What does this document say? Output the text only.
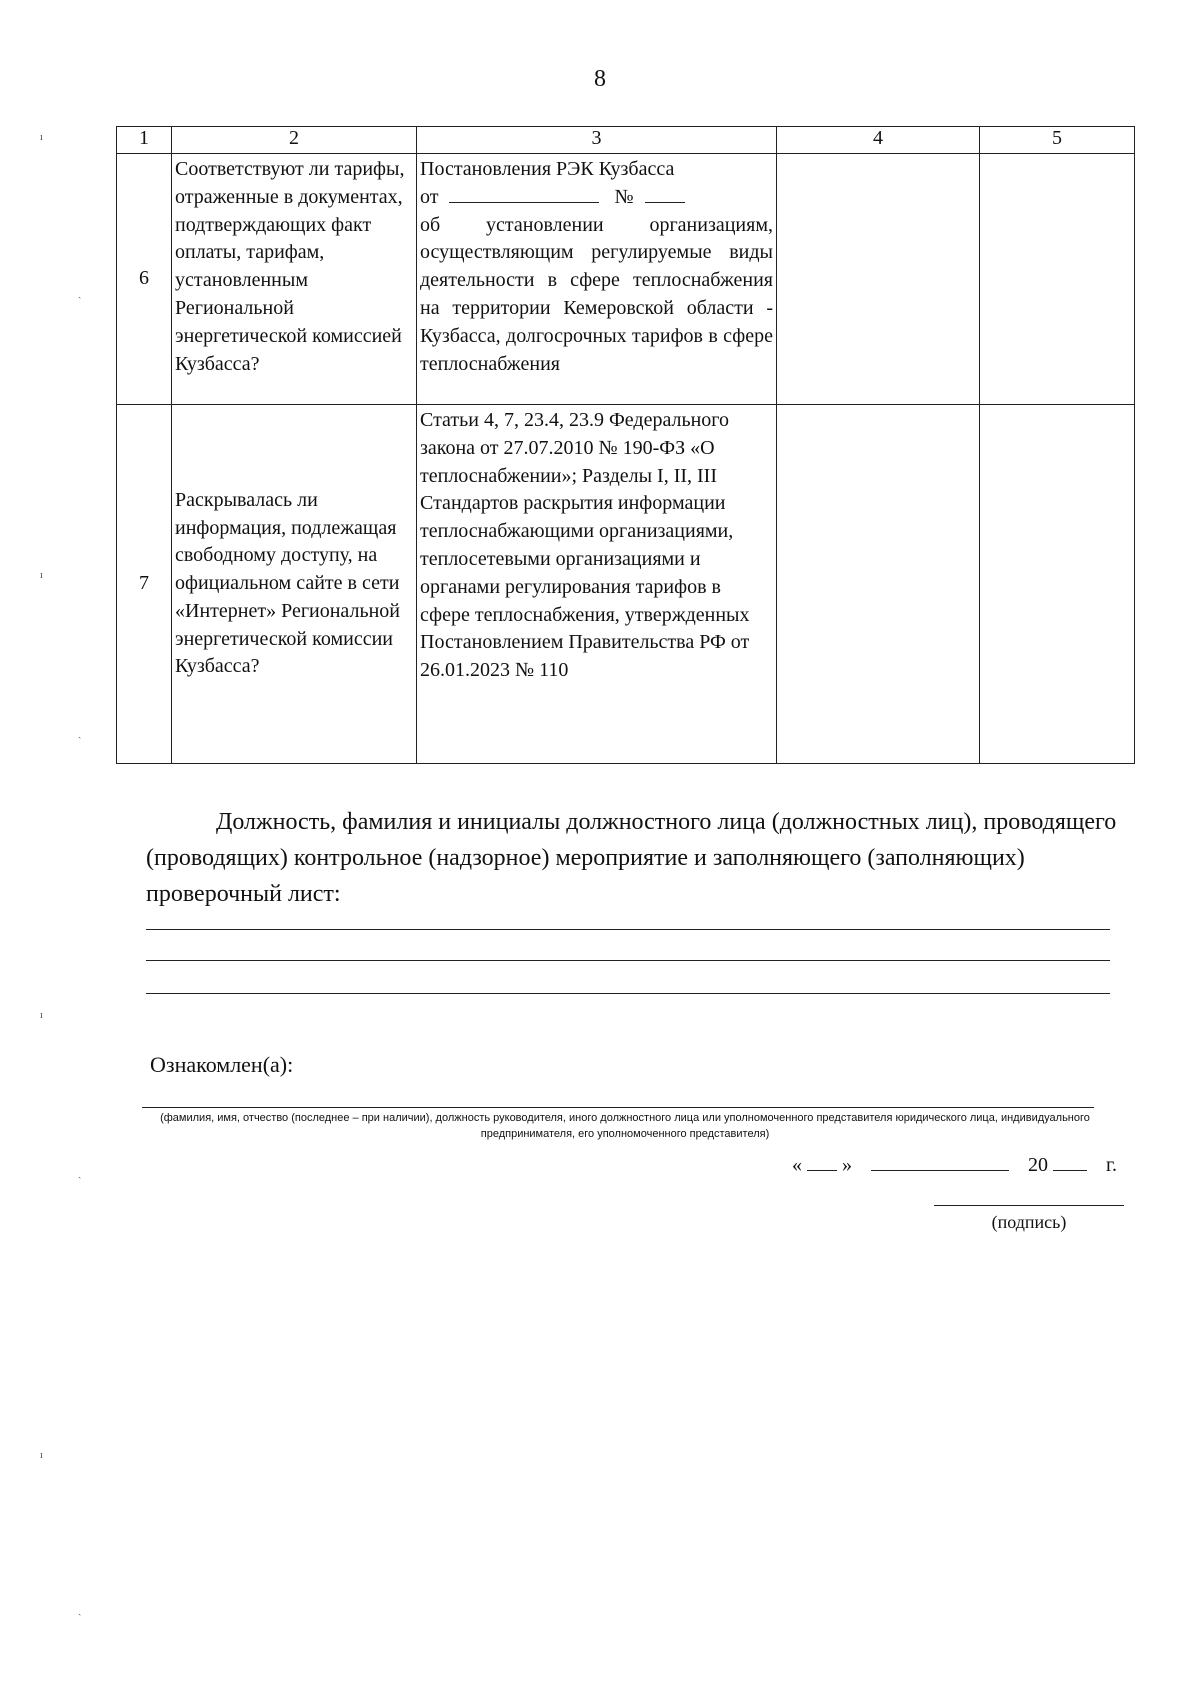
8
1	2	3	4	5
6	Соответствуют ли тарифы, отраженные в документах, подтверждающих факт оплаты, тарифам, установленным Региональной энергетической комиссией Кузбасса?	Постановления РЭК Кузбасса
от №
об установлении организациям, осуществляющим регулируемые виды деятельности в сфере теплоснабжения на территории Кемеровской области - Кузбасса, долгосрочных тарифов в сфере теплоснабжения		

7	Раскрывалась ли информация, подлежащая свободному доступу, на официальном сайте в сети «Интернет» Региональной энергетической комиссии Кузбасса?	Статьи 4, 7, 23.4, 23.9 Федерального закона от 27.07.2010 № 190-ФЗ «О теплоснабжении»; Разделы I, II, III Стандартов раскрытия информации теплоснабжающими организациями, теплосетевыми организациями и органами регулирования тарифов в сфере теплоснабжения, утвержденных Постановлением Правительства РФ от 26.01.2023 № 110		
Должность, фамилия и инициалы должностного лица (должностных лиц), проводящего (проводящих) контрольное (надзорное) мероприятие и заполняющего (заполняющих) проверочный лист:
Ознакомлен(а):
(фамилия, имя, отчество (последнее – при наличии), должность руководителя, иного должностного лица или уполномоченного представителя юридического лица, индивидуального предпринимателя, его уполномоченного представителя)
« »	20	г.
(подпись)
ı
ˎ
ı
ˎ
ı
ˎ
ı
ˎ
